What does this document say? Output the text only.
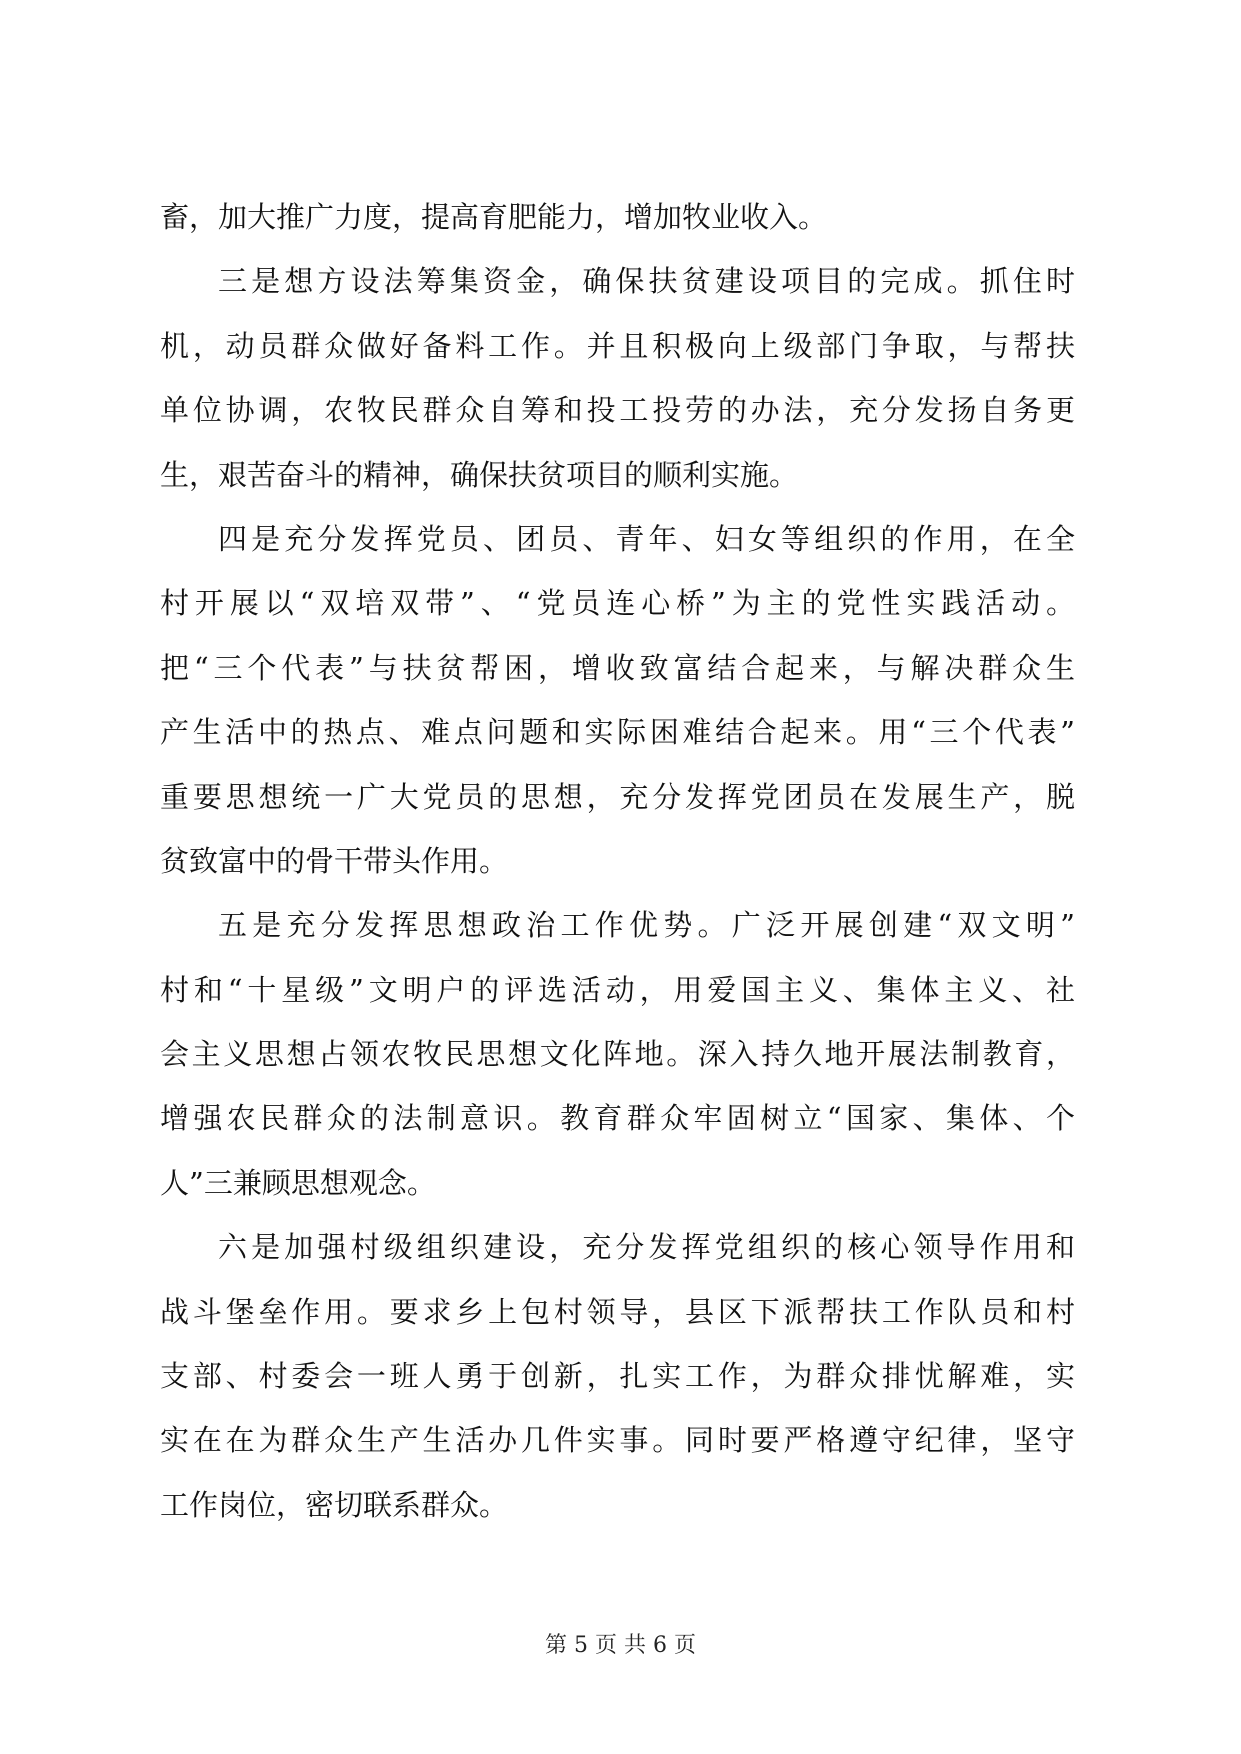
畜，加大推广力度，提高育肥能力，增加牧业收入。
三是想方设法筹集资金，确保扶贫建设项目的完成。抓住时
机，动员群众做好备料工作。并且积极向上级部门争取，与帮扶
单位协调，农牧民群众自筹和投工投劳的办法，充分发扬自务更
生，艰苦奋斗的精神，确保扶贫项目的顺利实施。
四是充分发挥党员、团员、青年、妇女等组织的作用，在全
村开展以“双培双带”、“党员连心桥”为主的党性实践活动。
把“三个代表”与扶贫帮困，增收致富结合起来，与解决群众生
产生活中的热点、难点问题和实际困难结合起来。用“三个代表”
重要思想统一广大党员的思想，充分发挥党团员在发展生产，脱
贫致富中的骨干带头作用。
五是充分发挥思想政治工作优势。广泛开展创建“双文明”
村和“十星级”文明户的评选活动，用爱国主义、集体主义、社
会主义思想占领农牧民思想文化阵地。深入持久地开展法制教育，
增强农民群众的法制意识。教育群众牢固树立“国家、集体、个
人”三兼顾思想观念。
六是加强村级组织建设，充分发挥党组织的核心领导作用和
战斗堡垒作用。要求乡上包村领导，县区下派帮扶工作队员和村
支部、村委会一班人勇于创新，扎实工作，为群众排忧解难，实
实在在为群众生产生活办几件实事。同时要严格遵守纪律，坚守
工作岗位，密切联系群众。
第 5 页 共 6 页
